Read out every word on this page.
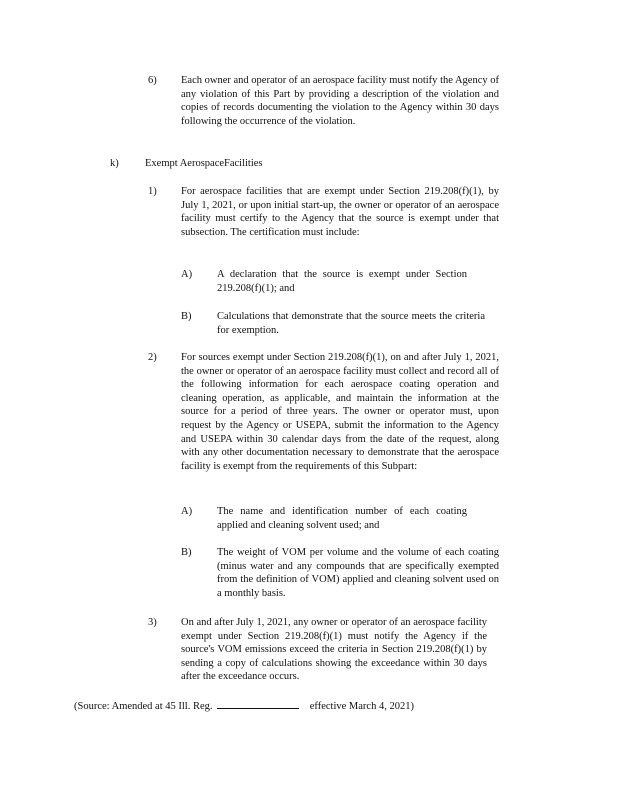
6) Each owner and operator of an aerospace facility must notify the Agency of any violation of this Part by providing a description of the violation and copies of records documenting the violation to the Agency within 30 days following the occurrence of the violation.
k)	Exempt AerospaceFacilities
1) For aerospace facilities that are exempt under Section 219.208(f)(1), by July 1, 2021, or upon initial start-up, the owner or operator of an aerospace facility must certify to the Agency that the source is exempt under that subsection. The certification must include:
A) A declaration that the source is exempt under Section 219.208(f)(1); and
B) Calculations that demonstrate that the source meets the criteria for exemption.
2) For sources exempt under Section 219.208(f)(1), on and after July 1, 2021, the owner or operator of an aerospace facility must collect and record all of the following information for each aerospace coating operation and cleaning operation, as applicable, and maintain the information at the source for a period of three years. The owner or operator must, upon request by the Agency or USEPA, submit the information to the Agency and USEPA within 30 calendar days from the date of the request, along with any other documentation necessary to demonstrate that the aerospace facility is exempt from the requirements of this Subpart:
A) The name and identification number of each coating applied and cleaning solvent used; and
B) The weight of VOM per volume and the volume of each coating (minus water and any compounds that are specifically exempted from the definition of VOM) applied and cleaning solvent used on a monthly basis.
3) On and after July 1, 2021, any owner or operator of an aerospace facility exempt under Section 219.208(f)(1) must notify the Agency if the source's VOM emissions exceed the criteria in Section 219.208(f)(1) by sending a copy of calculations showing the exceedance within 30 days after the exceedance occurs.
(Source: Amended at 45 Ill. Reg.	effective March 4, 2021)
